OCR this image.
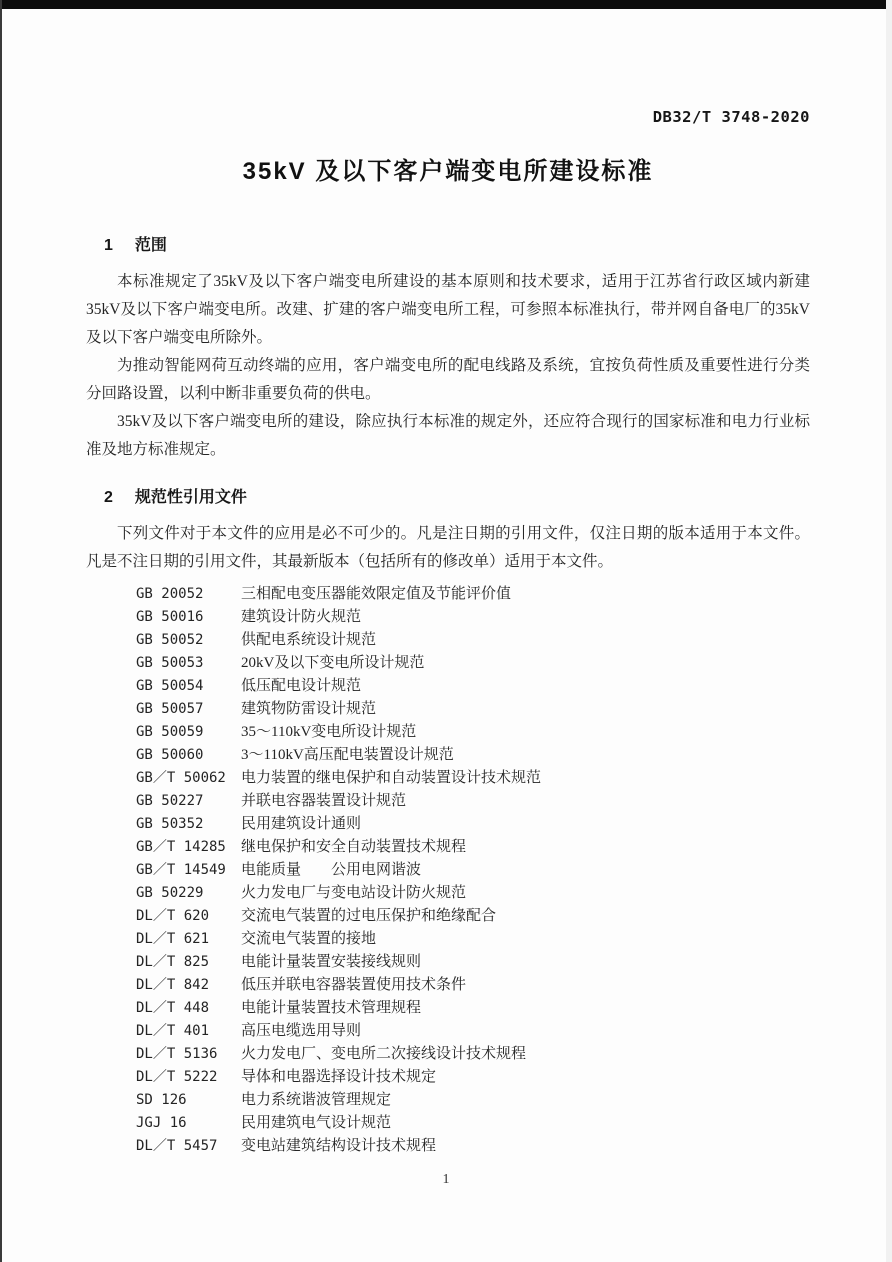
DB32/T 3748-2020
35kV 及以下客户端变电所建设标准
1 范围

本标准规定了35kV及以下客户端变电所建设的基本原则和技术要求，适用于江苏省行政区域内新建35kV及以下客户端变电所。改建、扩建的客户端变电所工程，可参照本标准执行，带并网自备电厂的35kV及以下客户端变电所除外。

为推动智能网荷互动终端的应用，客户端变电所的配电线路及系统，宜按负荷性质及重要性进行分类分回路设置，以利中断非重要负荷的供电。

35kV及以下客户端变电所的建设，除应执行本标准的规定外，还应符合现行的国家标准和电力行业标准及地方标准规定。

2 规范性引用文件

下列文件对于本文件的应用是必不可少的。凡是注日期的引用文件，仅注日期的版本适用于本文件。凡是不注日期的引用文件，其最新版本（包括所有的修改单）适用于本文件。

GB 20052	三相配电变压器能效限定值及节能评价值
GB 50016	建筑设计防火规范
GB 50052	供配电系统设计规范
GB 50053	20kV及以下变电所设计规范
GB 50054	低压配电设计规范
GB 50057	建筑物防雷设计规范
GB 50059	35～110kV变电所设计规范
GB 50060	3～110kV高压配电装置设计规范
GB／T 50062	电力装置的继电保护和自动装置设计技术规范
GB 50227	并联电容器装置设计规范
GB 50352	民用建筑设计通则
GB／T 14285	继电保护和安全自动装置技术规程
GB／T 14549	电能质量　　公用电网谐波
GB 50229	火力发电厂与变电站设计防火规范
DL／T 620	交流电气装置的过电压保护和绝缘配合
DL／T 621	交流电气装置的接地
DL／T 825	电能计量装置安装接线规则
DL／T 842	低压并联电容器装置使用技术条件
DL／T 448	电能计量装置技术管理规程
DL／T 401	高压电缆选用导则
DL／T 5136	火力发电厂、变电所二次接线设计技术规程
DL／T 5222	导体和电器选择设计技术规定
SD 126	电力系统谐波管理规定
JGJ 16	民用建筑电气设计规范
DL／T 5457	变电站建筑结构设计技术规程
1
